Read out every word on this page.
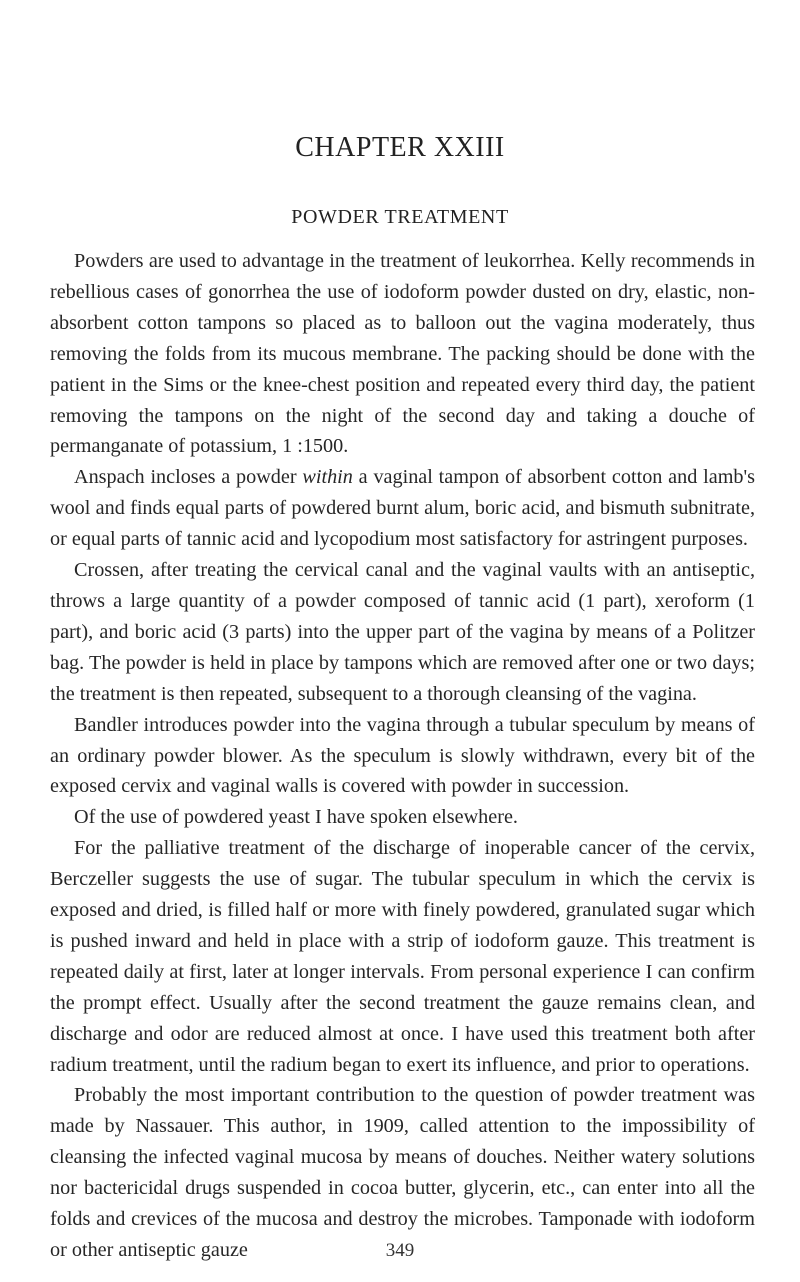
CHAPTER XXIII
POWDER TREATMENT

Powders are used to advantage in the treatment of leukorrhea. Kelly recommends in rebellious cases of gonorrhea the use of iodoform powder dusted on dry, elastic, non-absorbent cotton tampons so placed as to balloon out the vagina moderately, thus removing the folds from its mucous membrane. The packing should be done with the patient in the Sims or the knee-chest position and repeated every third day, the patient removing the tampons on the night of the second day and taking a douche of permanganate of potassium, 1 :1500.

Anspach incloses a powder within a vaginal tampon of absorbent cotton and lamb's wool and finds equal parts of powdered burnt alum, boric acid, and bismuth subnitrate, or equal parts of tannic acid and lycopodium most satisfactory for astringent purposes.

Crossen, after treating the cervical canal and the vaginal vaults with an antiseptic, throws a large quantity of a powder composed of tannic acid (1 part), xeroform (1 part), and boric acid (3 parts) into the upper part of the vagina by means of a Politzer bag. The powder is held in place by tampons which are removed after one or two days; the treatment is then repeated, subsequent to a thorough cleansing of the vagina.

Bandler introduces powder into the vagina through a tubular speculum by means of an ordinary powder blower. As the speculum is slowly withdrawn, every bit of the exposed cervix and vaginal walls is covered with powder in succession.

Of the use of powdered yeast I have spoken elsewhere.

For the palliative treatment of the discharge of inoperable cancer of the cervix, Berczeller suggests the use of sugar. The tubular speculum in which the cervix is exposed and dried, is filled half or more with finely powdered, granulated sugar which is pushed inward and held in place with a strip of iodoform gauze. This treatment is repeated daily at first, later at longer intervals. From personal experience I can confirm the prompt effect. Usually after the second treatment the gauze remains clean, and discharge and odor are reduced almost at once. I have used this treatment both after radium treatment, until the radium began to exert its influence, and prior to operations.

Probably the most important contribution to the question of powder treatment was made by Nassauer. This author, in 1909, called attention to the impossibility of cleansing the infected vaginal mucosa by means of douches. Neither watery solutions nor bactericidal drugs suspended in cocoa butter, glycerin, etc., can enter into all the folds and crevices of the mucosa and destroy the microbes. Tamponade with iodoform or other antiseptic gauze	349
